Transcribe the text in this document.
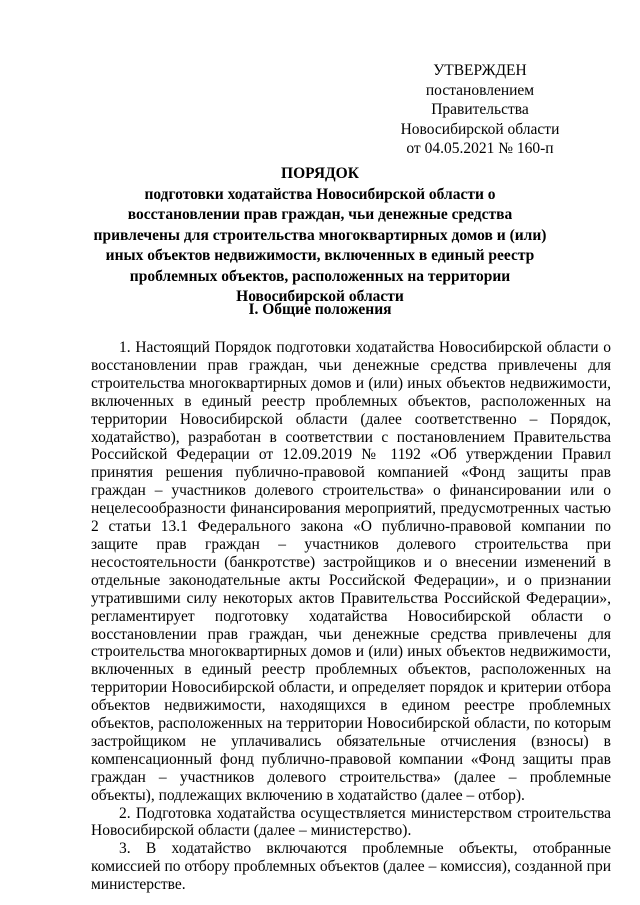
УТВЕРЖДЕН
постановлением Правительства
Новосибирской области
от 04.05.2021 № 160-п
ПОРЯДОК
подготовки ходатайства Новосибирской области о восстановлении прав граждан, чьи денежные средства привлечены для строительства многоквартирных домов и (или) иных объектов недвижимости, включенных в единый реестр проблемных объектов, расположенных на территории Новосибирской области
I. Общие положения

1. Настоящий Порядок подготовки ходатайства Новосибирской области о восстановлении прав граждан, чьи денежные средства привлечены для строительства многоквартирных домов и (или) иных объектов недвижимости, включенных в единый реестр проблемных объектов, расположенных на территории Новосибирской области (далее соответственно – Порядок, ходатайство), разработан в соответствии с постановлением Правительства Российской Федерации от 12.09.2019 № 1192 «Об утверждении Правил принятия решения публично-правовой компанией «Фонд защиты прав граждан – участников долевого строительства» о финансировании или о нецелесообразности финансирования мероприятий, предусмотренных частью 2 статьи 13.1 Федерального закона «О публично-правовой компании по защите прав граждан – участников долевого строительства при несостоятельности (банкротстве) застройщиков и о внесении изменений в отдельные законодательные акты Российской Федерации», и о признании утратившими силу некоторых актов Правительства Российской Федерации», регламентирует подготовку ходатайства Новосибирской области о восстановлении прав граждан, чьи денежные средства привлечены для строительства многоквартирных домов и (или) иных объектов недвижимости, включенных в единый реестр проблемных объектов, расположенных на территории Новосибирской области, и определяет порядок и критерии отбора объектов недвижимости, находящихся в едином реестре проблемных объектов, расположенных на территории Новосибирской области, по которым застройщиком не уплачивались обязательные отчисления (взносы) в компенсационный фонд публично-правовой компании «Фонд защиты прав граждан – участников долевого строительства» (далее – проблемные объекты), подлежащих включению в ходатайство (далее – отбор).

2. Подготовка ходатайства осуществляется министерством строительства Новосибирской области (далее – министерство).

3. В ходатайство включаются проблемные объекты, отобранные комиссией по отбору проблемных объектов (далее – комиссия), созданной при министерстве.
